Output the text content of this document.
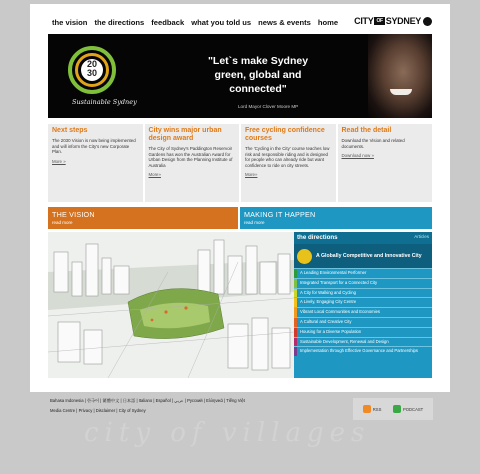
the vision the directions feedback what you told us news & events home CITY OF SYDNEY
20
30
Sustainable Sydney
"Let`s make Sydney green, global and connected"
Lord Mayor Clover Moore MP
Next steps

The 2030 Vision is now being implemented and will inform the City's new Corporate Plan.

More »
City wins major urban design award

The City of Sydney's Paddington Reservoir Gardens has won the Australian Award for Urban Design from the Planning Institute of Australia

More»
Free cycling confidence courses

The 'Cycling in the City' course teaches low risk and responsible riding and is designed for people who can already ride but want confidence to ride on city streets.

More»
Read the detail

Download the Vision and related documents.

Download now »
THE VISION
read more
MAKING IT HAPPEN
read more
the directions	Articles
A Globally Competitive and Innovative City
A Leading Environmental Performer
Integrated Transport for a Connected City
A City for Walking and Cycling
A Lively, Engaging City Centre
Vibrant Local Communities and Economies
A Cultural and Creative City
Housing for a Diverse Population
Sustainable Development, Renewal and Design
Implementation through Effective Governance and Partnerships
Bahasa Indonesia | 한국어 | 繁體中文 | 日本語 | Italiano | Español | عربي | Русский | Ελληνικά | Tiếng Việt
Media Centre | Privacy | Disclaimer | City of Sydney	RSS	PODCAST
city of villages
